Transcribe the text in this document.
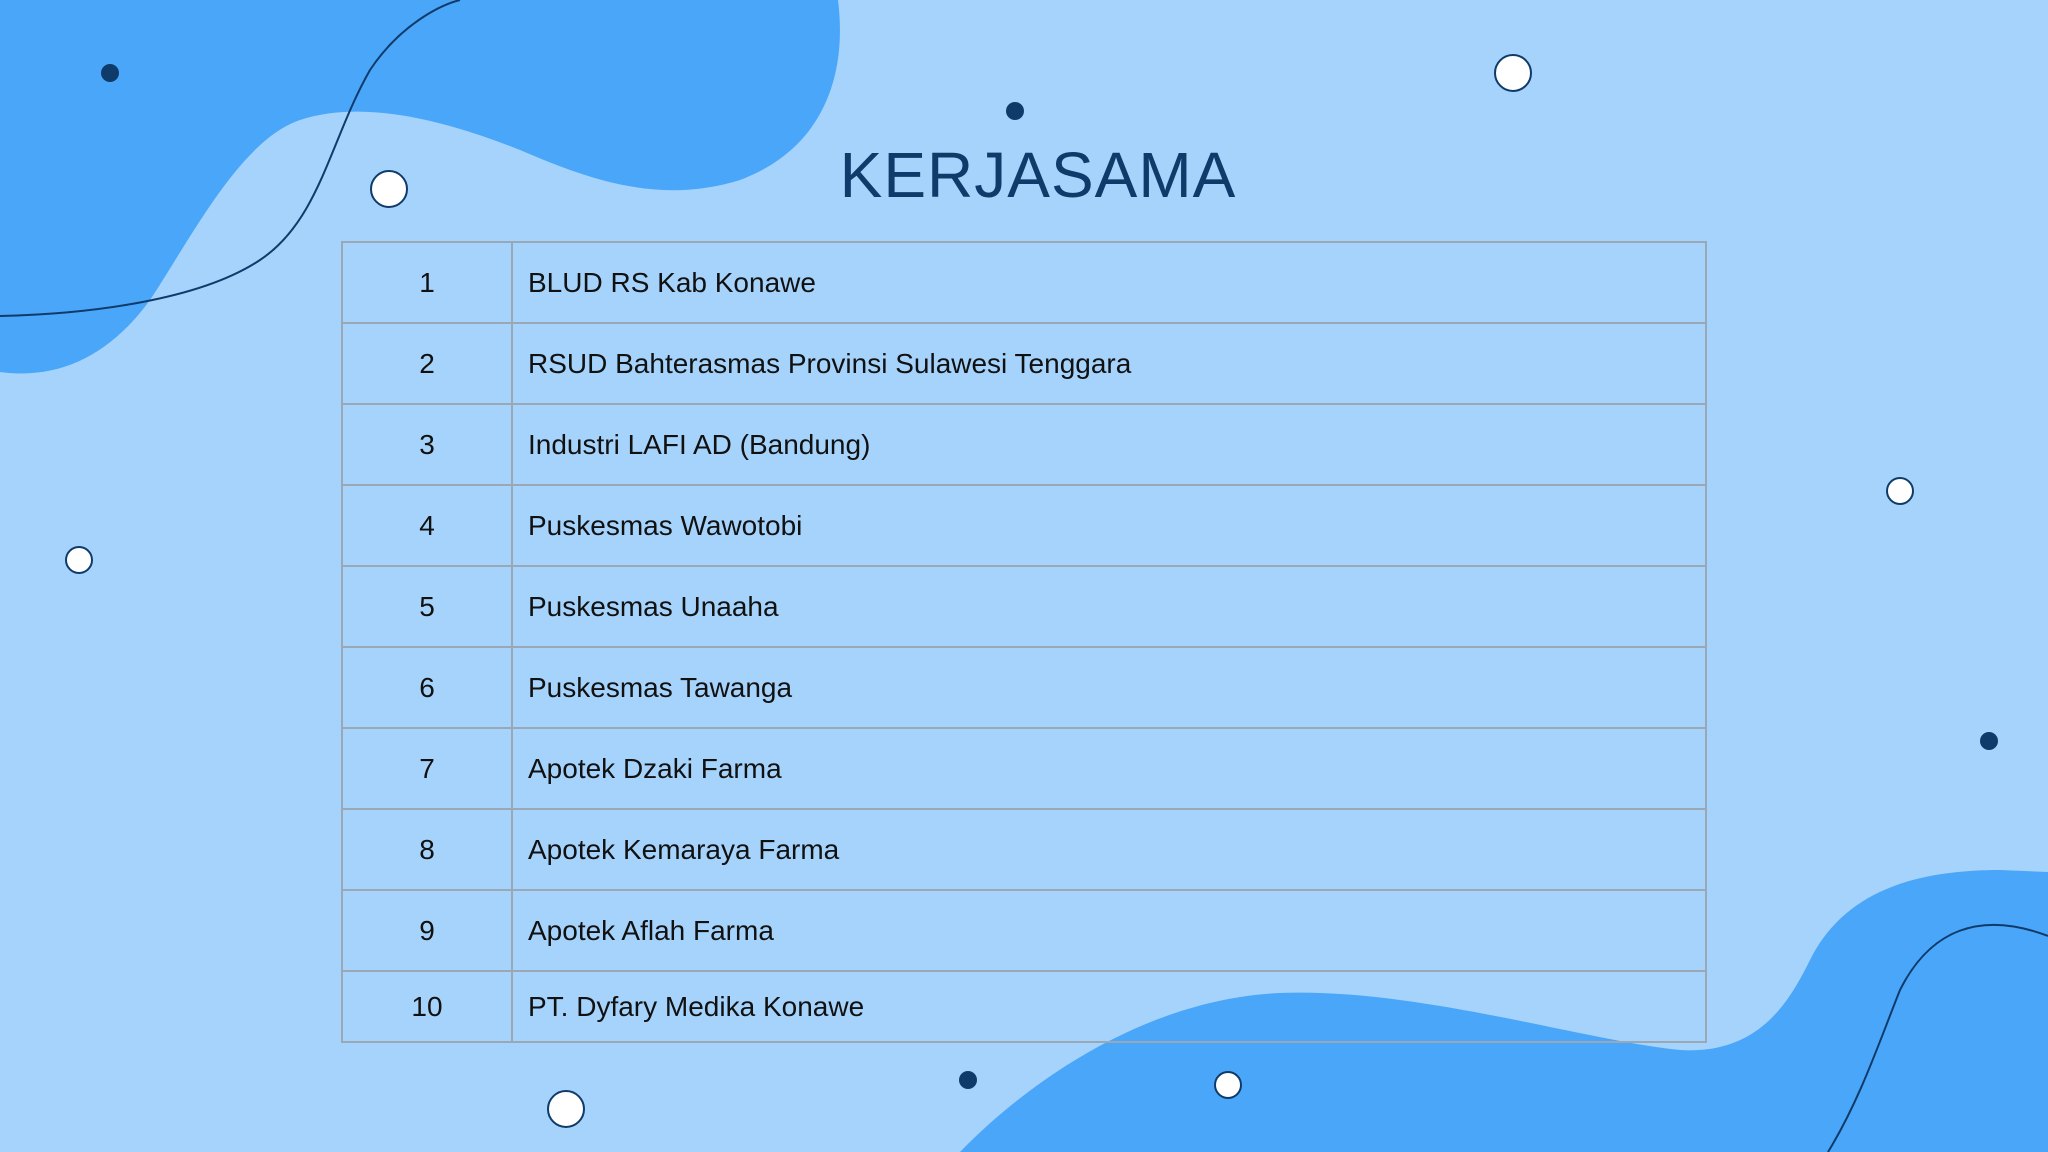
KERJASAMA
1	BLUD RS Kab Konawe
2	RSUD Bahterasmas Provinsi Sulawesi Tenggara
3	Industri LAFI AD (Bandung)
4	Puskesmas Wawotobi
5	Puskesmas Unaaha
6	Puskesmas Tawanga
7	Apotek Dzaki Farma
8	Apotek Kemaraya Farma
9	Apotek Aflah Farma
10	PT. Dyfary Medika Konawe
